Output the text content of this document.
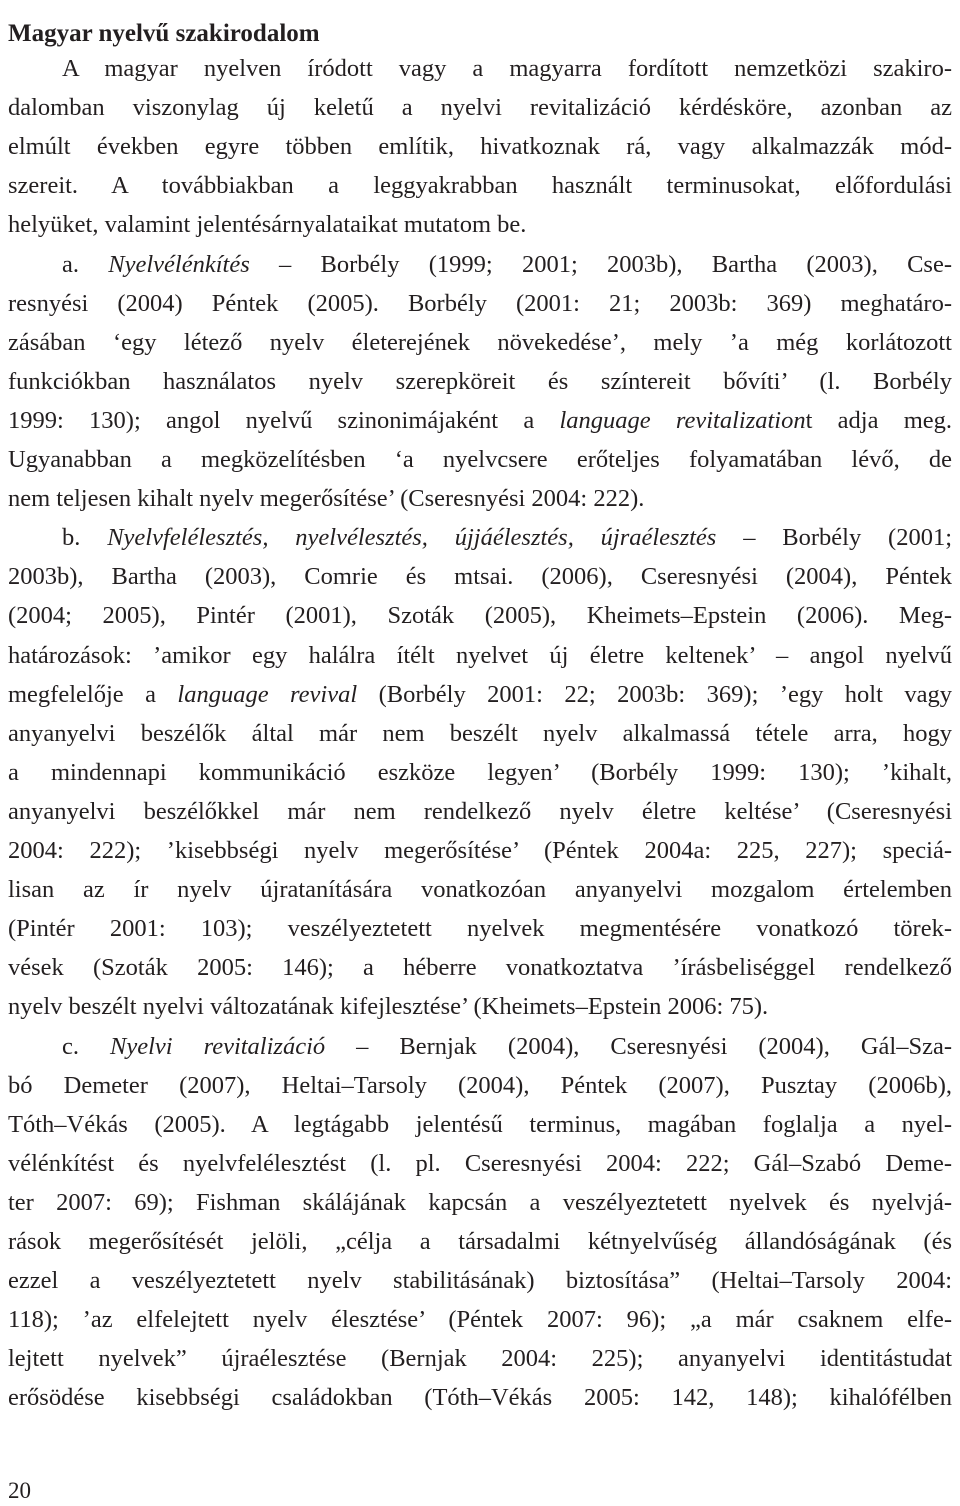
Magyar nyelvű szakirodalom
A magyar nyelven íródott vagy a magyarra fordított nemzetközi szakiro-
dalomban viszonylag új keletű a nyelvi revitalizáció kérdésköre, azonban az
elmúlt években egyre többen említik, hivatkoznak rá, vagy alkalmazzák mód-
szereit. A továbbiakban a leggyakrabban használt terminusokat, előfordulási
helyüket, valamint jelentésárnyalataikat mutatom be.
a. Nyelvélénkítés – Borbély (1999; 2001; 2003b), Bartha (2003), Cse-
resnyési (2004) Péntek (2005). Borbély (2001: 21; 2003b: 369) meghatáro-
zásában ‘egy létező nyelv életerejének növekedése’, mely ’a még korlátozott
funkciókban használatos nyelv szerepköreit és színtereit bővíti’ (l. Borbély
1999: 130); angol nyelvű szinonimájaként a language revitalizationt adja meg.
Ugyanabban a megközelítésben ‘a nyelvcsere erőteljes folyamatában lévő, de
nem teljesen kihalt nyelv megerősítése’ (Cseresnyési 2004: 222).
b. Nyelvfelélesztés, nyelvélesztés, újjáélesztés, újraélesztés – Borbély (2001;
2003b), Bartha (2003), Comrie és mtsai. (2006), Cseresnyési (2004), Péntek
(2004; 2005), Pintér (2001), Szoták (2005), Kheimets–Epstein (2006). Meg-
határozások: ’amikor egy halálra ítélt nyelvet új életre keltenek’ – angol nyelvű
megfelelője a language revival (Borbély 2001: 22; 2003b: 369); ’egy holt vagy
anyanyelvi beszélők által már nem beszélt nyelv alkalmassá tétele arra, hogy
a mindennapi kommunikáció eszköze legyen’ (Borbély 1999: 130); ’kihalt,
anyanyelvi beszélőkkel már nem rendelkező nyelv életre keltése’ (Cseresnyési
2004: 222); ’kisebbségi nyelv megerősítése’ (Péntek 2004a: 225, 227); speciá-
lisan az ír nyelv újratanítására vonatkozóan anyanyelvi mozgalom értelemben
(Pintér 2001: 103); veszélyeztetett nyelvek megmentésére vonatkozó törek-
vések (Szoták 2005: 146); a héberre vonatkoztatva ’írásbeliséggel rendelkező
nyelv beszélt nyelvi változatának kifejlesztése’ (Kheimets–Epstein 2006: 75).
c. Nyelvi revitalizáció – Bernjak (2004), Cseresnyési (2004), Gál–Sza-
bó Demeter (2007), Heltai–Tarsoly (2004), Péntek (2007), Pusztay (2006b),
Tóth–Vékás (2005). A legtágabb jelentésű terminus, magában foglalja a nyel-
vélénkítést és nyelvfelélesztést (l. pl. Cseresnyési 2004: 222; Gál–Szabó Deme-
ter 2007: 69); Fishman skálájának kapcsán a veszélyeztetett nyelvek és nyelvjá-
rások megerősítését jelöli, „célja a társadalmi kétnyelvűség állandóságának (és
ezzel a veszélyeztetett nyelv stabilitásának) biztosítása” (Heltai–Tarsoly 2004:
118); ’az elfelejtett nyelv élesztése’ (Péntek 2007: 96); „a már csaknem elfe-
lejtett nyelvek” újraélesztése (Bernjak 2004: 225); anyanyelvi identitástudat
erősödése kisebbségi családokban (Tóth–Vékás 2005: 142, 148); kihalófélben
20
